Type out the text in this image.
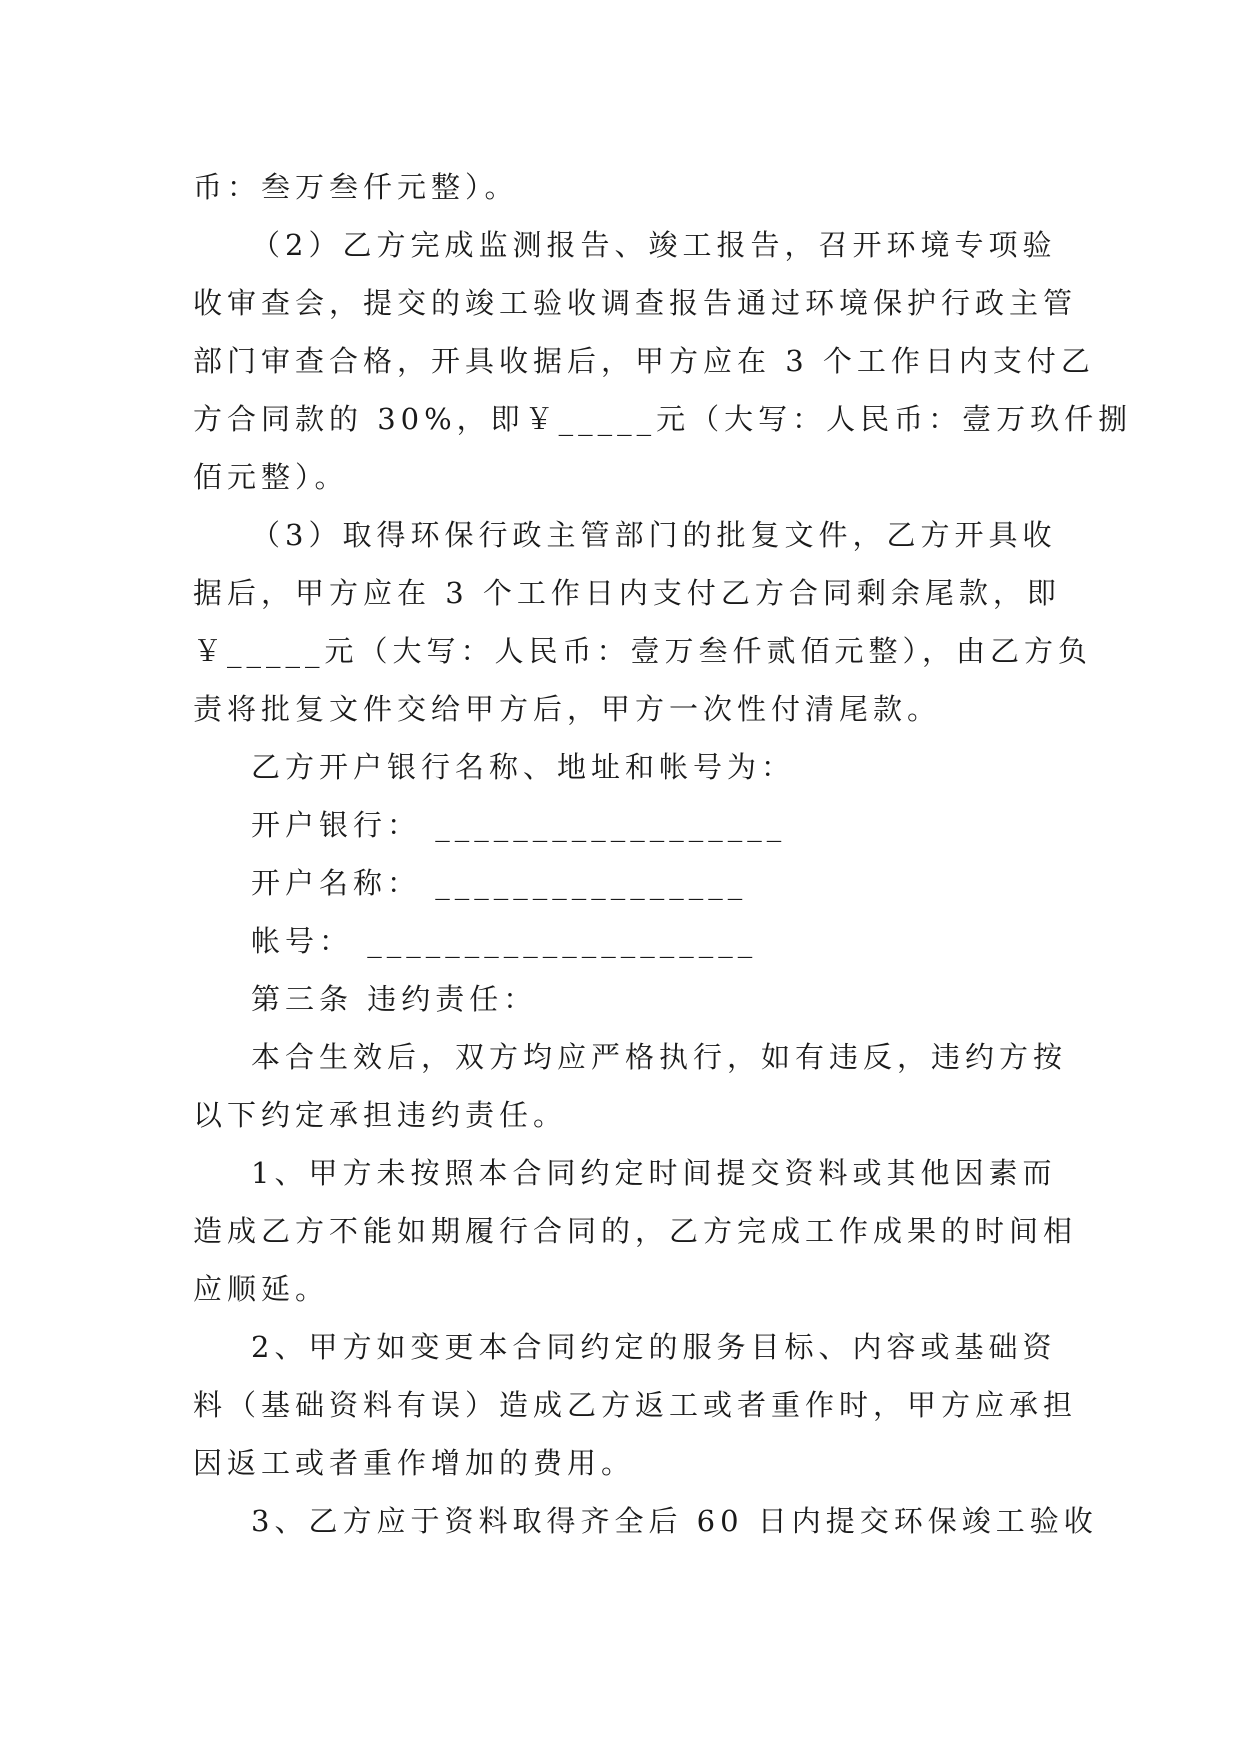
币：叁万叁仟元整）。
（2）乙方完成监测报告、竣工报告，召开环境专项验
收审查会，提交的竣工验收调查报告通过环境保护行政主管
部门审查合格，开具收据后，甲方应在 3 个工作日内支付乙
方合同款的 30%，即￥_____元（大写：人民币：壹万玖仟捌
佰元整）。
（3）取得环保行政主管部门的批复文件，乙方开具收
据后，甲方应在 3 个工作日内支付乙方合同剩余尾款，即
￥_____元（大写：人民币：壹万叁仟贰佰元整），由乙方负
责将批复文件交给甲方后，甲方一次性付清尾款。
乙方开户银行名称、地址和帐号为：
开户银行： __________________
开户名称： ________________
帐号： ____________________
第三条 违约责任：
本合生效后，双方均应严格执行，如有违反，违约方按
以下约定承担违约责任。
1、甲方未按照本合同约定时间提交资料或其他因素而
造成乙方不能如期履行合同的，乙方完成工作成果的时间相
应顺延。
2、甲方如变更本合同约定的服务目标、内容或基础资
料（基础资料有误）造成乙方返工或者重作时，甲方应承担
因返工或者重作增加的费用。
3、乙方应于资料取得齐全后 60 日内提交环保竣工验收
